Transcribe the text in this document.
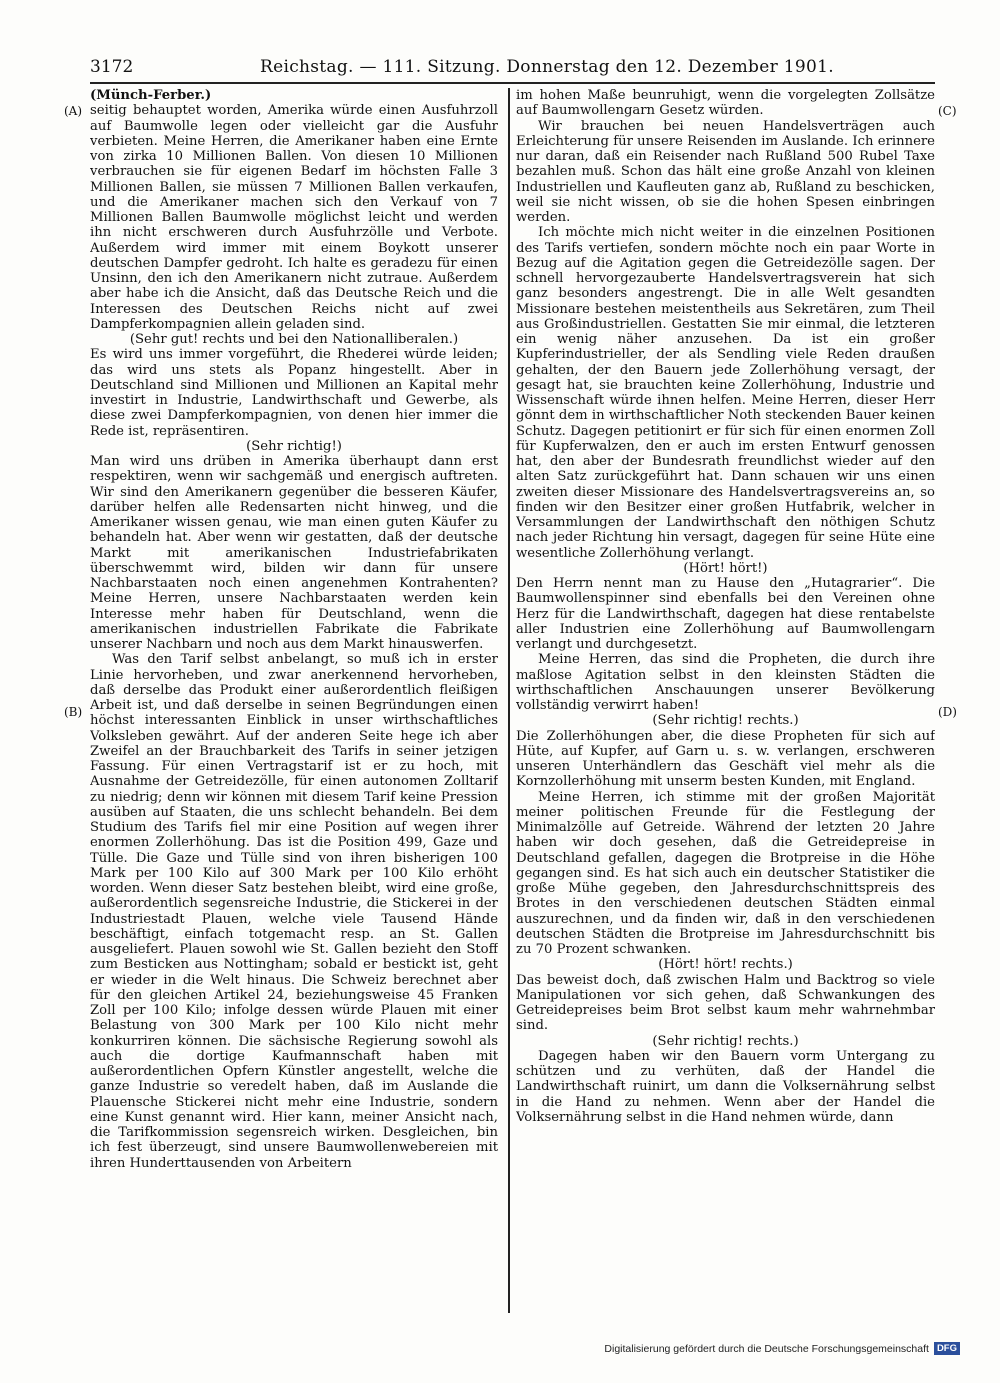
3172	Reichstag. — 111. Sitzung. Donnerstag den 12. Dezember 1901.

(Münch-Ferber.)

seitig behauptet worden, Amerika würde einen Ausfuhrzoll auf Baumwolle legen oder vielleicht gar die Ausfuhr verbieten. Meine Herren, die Amerikaner haben eine Ernte von zirka 10 Millionen Ballen. Von diesen 10 Millionen verbrauchen sie für eigenen Bedarf im höchsten Falle 3 Millionen Ballen, sie müssen 7 Millionen Ballen verkaufen, und die Amerikaner machen sich den Verkauf von 7 Millionen Ballen Baumwolle möglichst leicht und werden ihn nicht erschweren durch Ausfuhrzölle und Verbote. Außerdem wird immer mit einem Boykott unserer deutschen Dampfer gedroht. Ich halte es geradezu für einen Unsinn, den ich den Amerikanern nicht zutraue. Außerdem aber habe ich die Ansicht, daß das Deutsche Reich und die Interessen des Deutschen Reichs nicht auf zwei Dampferkompagnien allein geladen sind.

(Sehr gut! rechts und bei den Nationalliberalen.)

Es wird uns immer vorgeführt, die Rhederei würde leiden; das wird uns stets als Popanz hingestellt. Aber in Deutschland sind Millionen und Millionen an Kapital mehr investirt in Industrie, Landwirthschaft und Gewerbe, als diese zwei Dampferkompagnien, von denen hier immer die Rede ist, repräsentiren.

(Sehr richtig!)

Man wird uns drüben in Amerika überhaupt dann erst respektiren, wenn wir sachgemäß und energisch auftreten. Wir sind den Amerikanern gegenüber die besseren Käufer, darüber helfen alle Redensarten nicht hinweg, und die Amerikaner wissen genau, wie man einen guten Käufer zu behandeln hat. Aber wenn wir gestatten, daß der deutsche Markt mit amerikanischen Industriefabrikaten überschwemmt wird, bilden wir dann für unsere Nachbarstaaten noch einen angenehmen Kontrahenten? Meine Herren, unsere Nachbarstaaten werden kein Interesse mehr haben für Deutschland, wenn die amerikanischen industriellen Fabrikate die Fabrikate unserer Nachbarn und noch aus dem Markt hinauswerfen.

Was den Tarif selbst anbelangt, so muß ich in erster Linie hervorheben, und zwar anerkennend hervorheben, daß derselbe das Produkt einer außerordentlich fleißigen Arbeit ist, und daß derselbe in seinen Begründungen einen höchst interessanten Einblick in unser wirthschaftliches Volksleben gewährt. Auf der anderen Seite hege ich aber Zweifel an der Brauchbarkeit des Tarifs in seiner jetzigen Fassung. Für einen Vertragstarif ist er zu hoch, mit Ausnahme der Getreidezölle, für einen autonomen Zolltarif zu niedrig; denn wir können mit diesem Tarif keine Pression ausüben auf Staaten, die uns schlecht behandeln. Bei dem Studium des Tarifs fiel mir eine Position auf wegen ihrer enormen Zollerhöhung. Das ist die Position 499, Gaze und Tülle. Die Gaze und Tülle sind von ihren bisherigen 100 Mark per 100 Kilo auf 300 Mark per 100 Kilo erhöht worden. Wenn dieser Satz bestehen bleibt, wird eine große, außerordentlich segensreiche Industrie, die Stickerei in der Industriestadt Plauen, welche viele Tausend Hände beschäftigt, einfach totgemacht resp. an St. Gallen ausgeliefert. Plauen sowohl wie St. Gallen bezieht den Stoff zum Besticken aus Nottingham; sobald er bestickt ist, geht er wieder in die Welt hinaus. Die Schweiz berechnet aber für den gleichen Artikel 24, beziehungsweise 45 Franken Zoll per 100 Kilo; infolge dessen würde Plauen mit einer Belastung von 300 Mark per 100 Kilo nicht mehr konkurriren können. Die sächsische Regierung sowohl als auch die dortige Kaufmannschaft haben mit außerordentlichen Opfern Künstler angestellt, welche die ganze Industrie so veredelt haben, daß im Auslande die Plauensche Stickerei nicht mehr eine Industrie, sondern eine Kunst genannt wird. Hier kann, meiner Ansicht nach, die Tarifkommission segensreich wirken. Desgleichen, bin ich fest überzeugt, sind unsere Baumwollenwebereien mit ihren Hunderttausenden von Arbeitern

im hohen Maße beunruhigt, wenn die vorgelegten Zollsätze auf Baumwollengarn Gesetz würden.

Wir brauchen bei neuen Handelsverträgen auch Erleichterung für unsere Reisenden im Auslande. Ich erinnere nur daran, daß ein Reisender nach Rußland 500 Rubel Taxe bezahlen muß. Schon das hält eine große Anzahl von kleinen Industriellen und Kaufleuten ganz ab, Rußland zu beschicken, weil sie nicht wissen, ob sie die hohen Spesen einbringen werden.

Ich möchte mich nicht weiter in die einzelnen Positionen des Tarifs vertiefen, sondern möchte noch ein paar Worte in Bezug auf die Agitation gegen die Getreidezölle sagen. Der schnell hervorgezauberte Handelsvertragsverein hat sich ganz besonders angestrengt. Die in alle Welt gesandten Missionare bestehen meistentheils aus Sekretären, zum Theil aus Großindustriellen. Gestatten Sie mir einmal, die letzteren ein wenig näher anzusehen. Da ist ein großer Kupferindustrieller, der als Sendling viele Reden draußen gehalten, der den Bauern jede Zollerhöhung versagt, der gesagt hat, sie brauchten keine Zollerhöhung, Industrie und Wissenschaft würde ihnen helfen. Meine Herren, dieser Herr gönnt dem in wirthschaftlicher Noth steckenden Bauer keinen Schutz. Dagegen petitionirt er für sich für einen enormen Zoll für Kupferwalzen, den er auch im ersten Entwurf genossen hat, den aber der Bundesrath freundlichst wieder auf den alten Satz zurückgeführt hat. Dann schauen wir uns einen zweiten dieser Missionare des Handelsvertragsvereins an, so finden wir den Besitzer einer großen Hutfabrik, welcher in Versammlungen der Landwirthschaft den nöthigen Schutz nach jeder Richtung hin versagt, dagegen für seine Hüte eine wesentliche Zollerhöhung verlangt.

(Hört! hört!)

Den Herrn nennt man zu Hause den „Hutagrarier“. Die Baumwollenspinner sind ebenfalls bei den Vereinen ohne Herz für die Landwirthschaft, dagegen hat diese rentabelste aller Industrien eine Zollerhöhung auf Baumwollengarn verlangt und durchgesetzt.

Meine Herren, das sind die Propheten, die durch ihre maßlose Agitation selbst in den kleinsten Städten die wirthschaftlichen Anschauungen unserer Bevölkerung vollständig verwirrt haben!

(Sehr richtig! rechts.)

Die Zollerhöhungen aber, die diese Propheten für sich auf Hüte, auf Kupfer, auf Garn u. s. w. verlangen, erschweren unseren Unterhändlern das Geschäft viel mehr als die Kornzollerhöhung mit unserm besten Kunden, mit England.

Meine Herren, ich stimme mit der großen Majorität meiner politischen Freunde für die Festlegung der Minimalzölle auf Getreide. Während der letzten 20 Jahre haben wir doch gesehen, daß die Getreidepreise in Deutschland gefallen, dagegen die Brotpreise in die Höhe gegangen sind. Es hat sich auch ein deutscher Statistiker die große Mühe gegeben, den Jahresdurchschnittspreis des Brotes in den verschiedenen deutschen Städten einmal auszurechnen, und da finden wir, daß in den verschiedenen deutschen Städten die Brotpreise im Jahresdurchschnitt bis zu 70 Prozent schwanken.

(Hört! hört! rechts.)

Das beweist doch, daß zwischen Halm und Backtrog so viele Manipulationen vor sich gehen, daß Schwankungen des Getreidepreises beim Brot selbst kaum mehr wahrnehmbar sind.

(Sehr richtig! rechts.)

Dagegen haben wir den Bauern vorm Untergang zu schützen und zu verhüten, daß der Handel die Landwirthschaft ruinirt, um dann die Volksernährung selbst in die Hand zu nehmen. Wenn aber der Handel die Volksernährung selbst in die Hand nehmen würde, dann

(A)
(B)
(C)
(D)
Digitalisierung gefördert durch die Deutsche Forschungsgemeinschaft DFG
